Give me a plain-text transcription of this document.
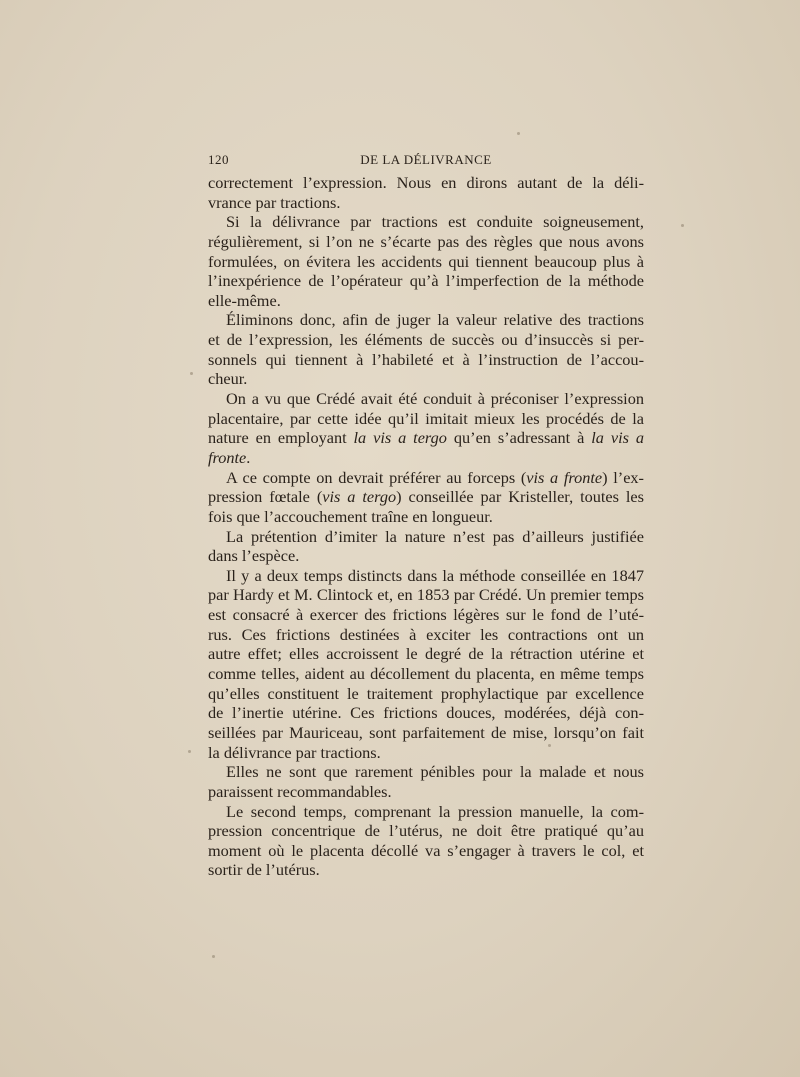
120	DE LA DÉLIVRANCE
correctement l’expression. Nous en dirons autant de la déli-
vrance par tractions.
Si la délivrance par tractions est conduite soigneusement,
régulièrement, si l’on ne s’écarte pas des règles que nous avons
formulées, on évitera les accidents qui tiennent beaucoup plus à
l’inexpérience de l’opérateur qu’à l’imperfection de la méthode
elle-même.
Éliminons donc, afin de juger la valeur relative des tractions
et de l’expression, les éléments de succès ou d’insuccès si per-
sonnels qui tiennent à l’habileté et à l’instruction de l’accou-
cheur.
On a vu que Crédé avait été conduit à préconiser l’expression
placentaire, par cette idée qu’il imitait mieux les procédés de la
nature en employant la vis a tergo qu’en s’adressant à la vis a
fronte.
A ce compte on devrait préférer au forceps (vis a fronte) l’ex-
pression fœtale (vis a tergo) conseillée par Kristeller, toutes les
fois que l’accouchement traîne en longueur.
La prétention d’imiter la nature n’est pas d’ailleurs justifiée
dans l’espèce.
Il y a deux temps distincts dans la méthode conseillée en 1847
par Hardy et M. Clintock et, en 1853 par Crédé. Un premier temps
est consacré à exercer des frictions légères sur le fond de l’uté-
rus. Ces frictions destinées à exciter les contractions ont un
autre effet; elles accroissent le degré de la rétraction utérine et
comme telles, aident au décollement du placenta, en même temps
qu’elles constituent le traitement prophylactique par excellence
de l’inertie utérine. Ces frictions douces, modérées, déjà con-
seillées par Mauriceau, sont parfaitement de mise, lorsqu’on fait
la délivrance par tractions.
Elles ne sont que rarement pénibles pour la malade et nous
paraissent recommandables.
Le second temps, comprenant la pression manuelle, la com-
pression concentrique de l’utérus, ne doit être pratiqué qu’au
moment où le placenta décollé va s’engager à travers le col, et
sortir de l’utérus.
